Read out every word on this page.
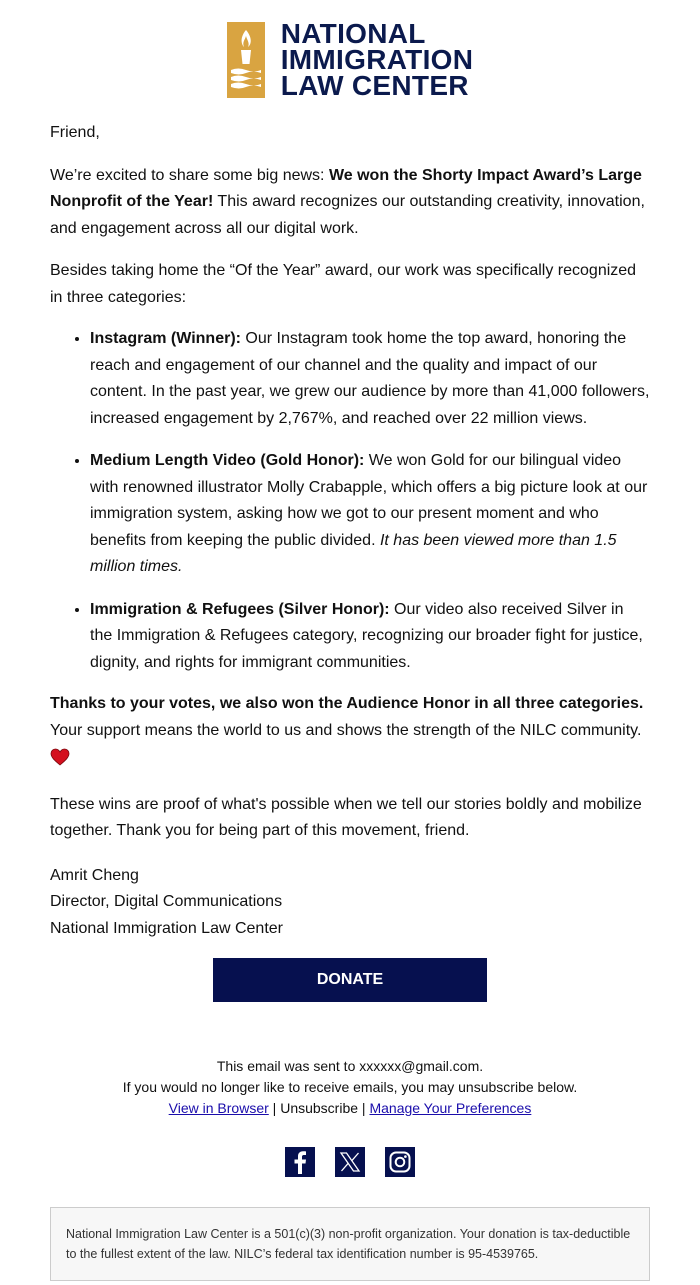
NATIONAL
IMMIGRATION
LAW CENTER

Friend,

We’re excited to share some big news: We won the Shorty Impact Award’s Large Nonprofit of the Year! This award recognizes our outstanding creativity, innovation, and engagement across all our digital work.

Besides taking home the “Of the Year” award, our work was specifically recognized in three categories:

• Instagram (Winner): Our Instagram took home the top award, honoring the reach and engagement of our channel and the quality and impact of our content. In the past year, we grew our audience by more than 41,000 followers, increased engagement by 2,767%, and reached over 22 million views.
• Medium Length Video (Gold Honor): We won Gold for our bilingual video with renowned illustrator Molly Crabapple, which offers a big picture look at our immigration system, asking how we got to our present moment and who benefits from keeping the public divided. It has been viewed more than 1.5 million times.
• Immigration & Refugees (Silver Honor): Our video also received Silver in the Immigration & Refugees category, recognizing our broader fight for justice, dignity, and rights for immigrant communities.

Thanks to your votes, we also won the Audience Honor in all three categories. Your support means the world to us and shows the strength of the NILC community.

These wins are proof of what's possible when we tell our stories boldly and mobilize together. Thank you for being part of this movement, friend.

Amrit Cheng
Director, Digital Communications
National Immigration Law Center
DONATE
This email was sent to xxxxxx@gmail.com.
If you would no longer like to receive emails, you may unsubscribe below.
View in Browser | Unsubscribe | Manage Your Preferences
National Immigration Law Center is a 501(c)(3) non-profit organization. Your donation is tax-deductible to the fullest extent of the law. NILC’s federal tax identification number is 95-4539765.
